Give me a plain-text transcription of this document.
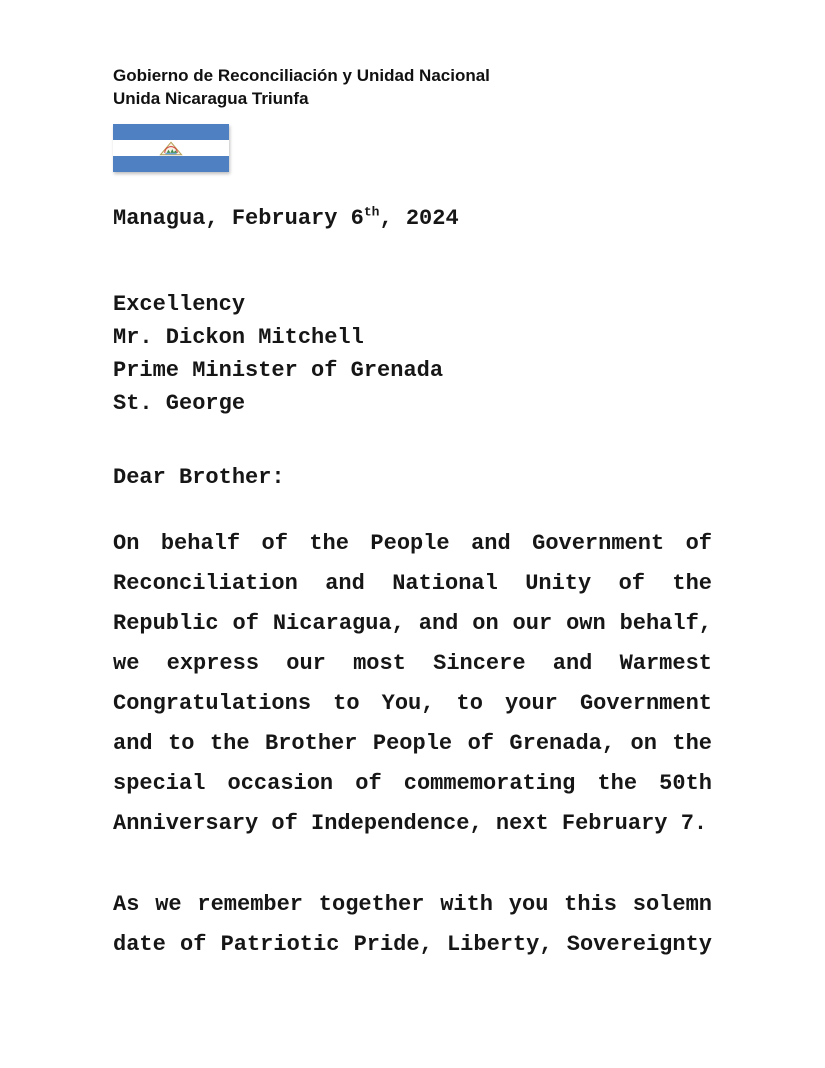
Gobierno de Reconciliación y Unidad Nacional
Unida Nicaragua Triunfa
Managua, February 6th, 2024
Excellency
Mr. Dickon Mitchell
Prime Minister of Grenada
St. George
Dear Brother:

On behalf of the People and Government of Reconciliation and National Unity of the Republic of Nicaragua, and on our own behalf, we express our most Sincere and Warmest Congratulations to You, to your Government and to the Brother People of Grenada, on the special occasion of commemorating the 50th Anniversary of Independence, next February 7.

As we remember together with you this solemn date of Patriotic Pride, Liberty, Sovereignty
